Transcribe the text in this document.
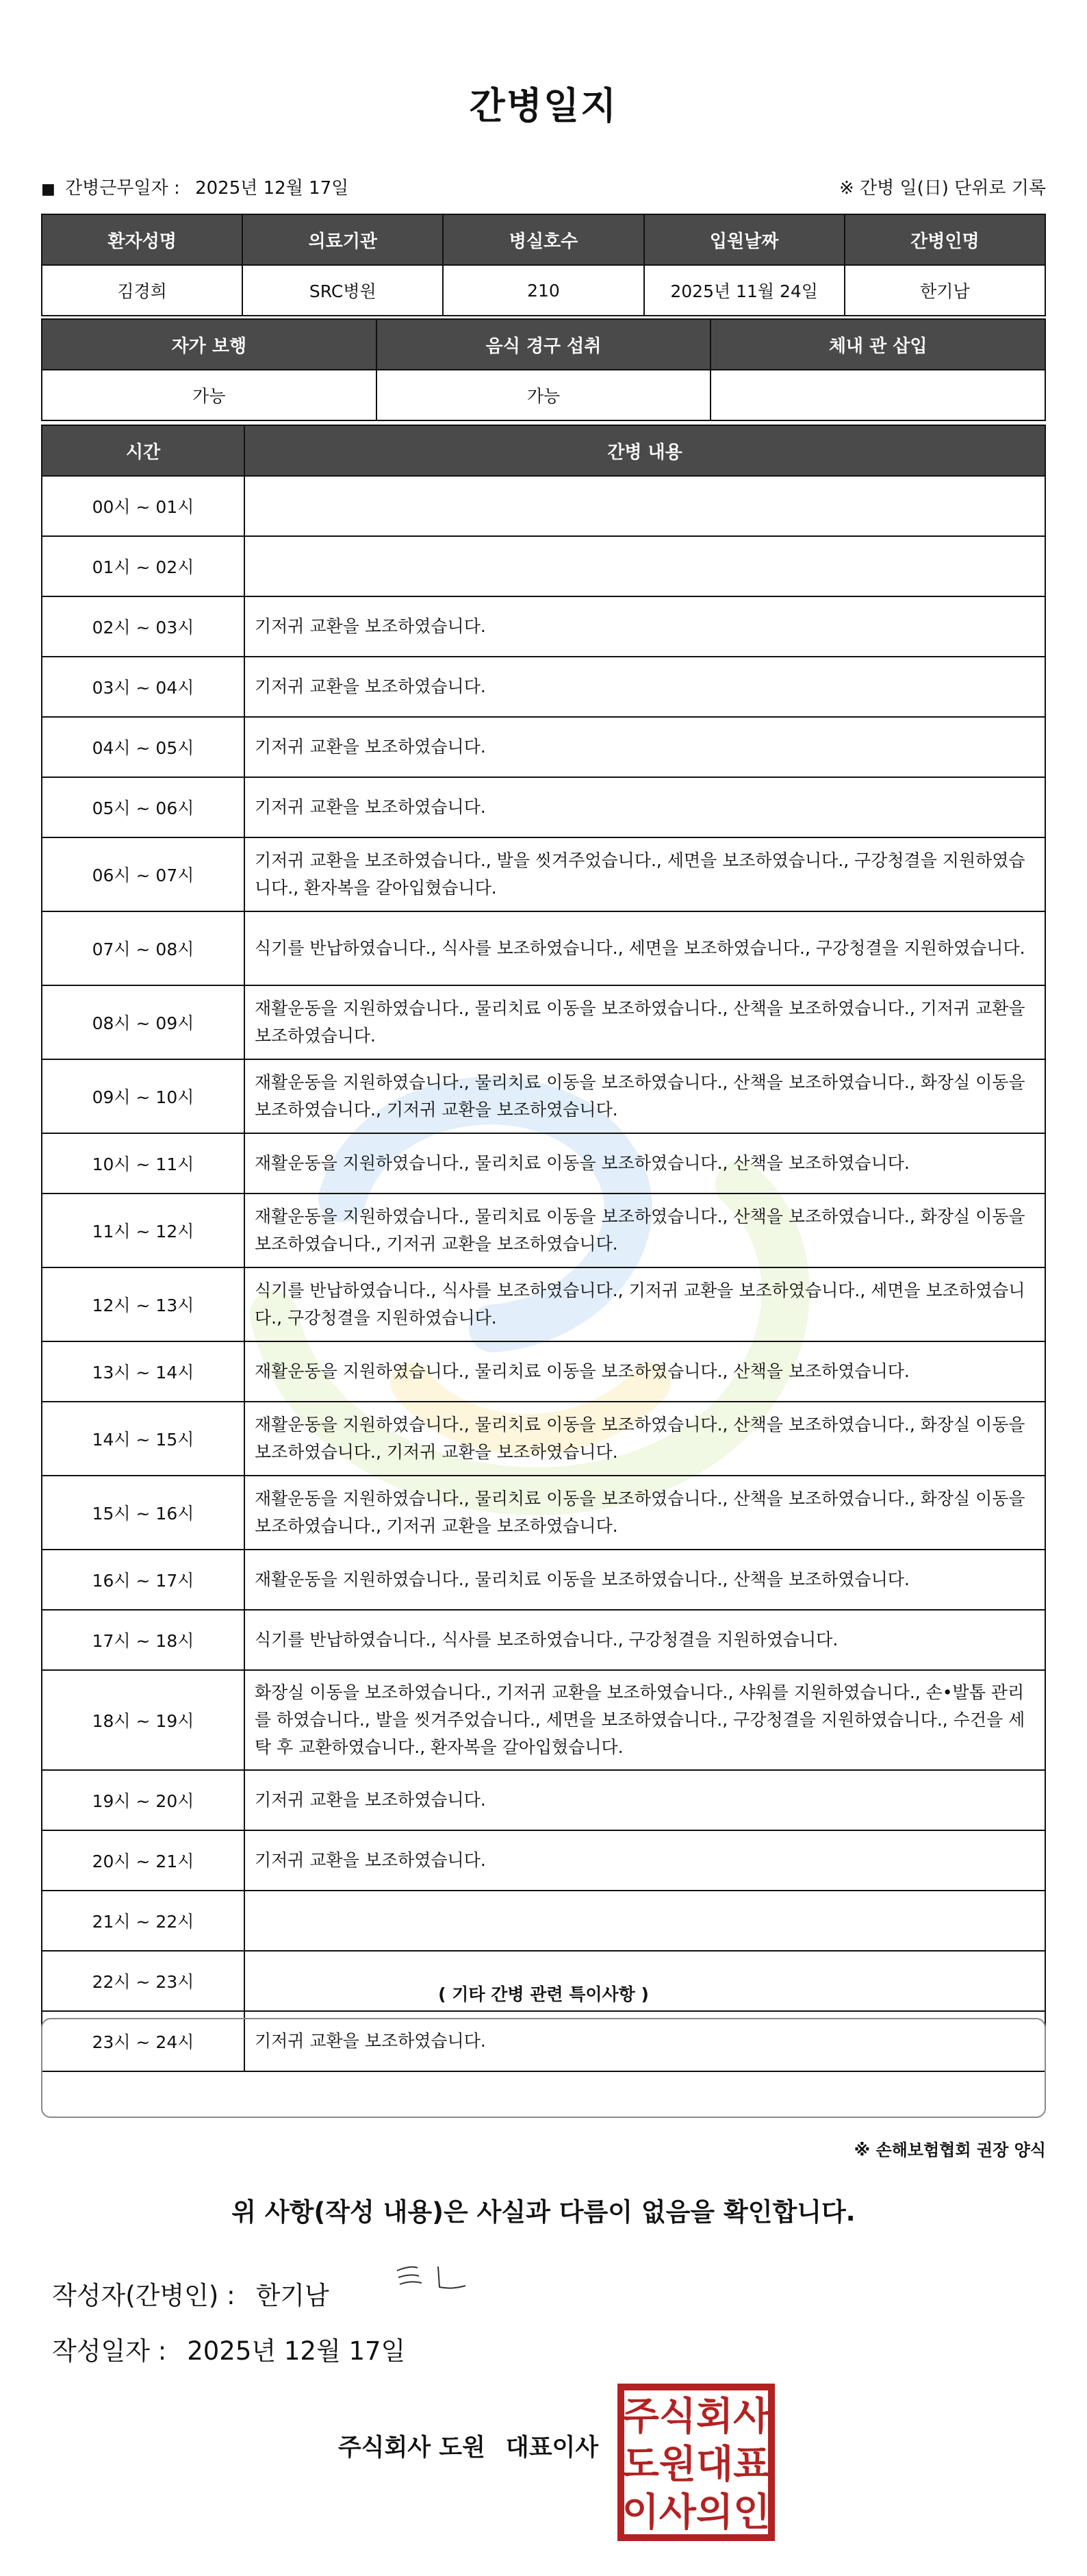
간병일지
■ 간병근무일자 : 2025년 12월 17일	※ 간병 일(日) 단위로 기록
환자성명	의료기관	병실호수	입원날짜	간병인명
김경희	SRC병원	210	2025년 11월 24일	한기남
자가 보행	음식 경구 섭취	체내 관 삽입
가능	가능	
시간	간병 내용
00시 ~ 01시	
01시 ~ 02시	
02시 ~ 03시	기저귀 교환을 보조하였습니다.
03시 ~ 04시	기저귀 교환을 보조하였습니다.
04시 ~ 05시	기저귀 교환을 보조하였습니다.
05시 ~ 06시	기저귀 교환을 보조하였습니다.
06시 ~ 07시	기저귀 교환을 보조하였습니다., 발을 씻겨주었습니다., 세면을 보조하였습니다., 구강청결을 지원하였습니다., 환자복을 갈아입혔습니다.
07시 ~ 08시	식기를 반납하였습니다., 식사를 보조하였습니다., 세면을 보조하였습니다., 구강청결을 지원하였습니다.
08시 ~ 09시	재활운동을 지원하였습니다., 물리치료 이동을 보조하였습니다., 산책을 보조하였습니다., 기저귀 교환을 보조하였습니다.
09시 ~ 10시	재활운동을 지원하였습니다., 물리치료 이동을 보조하였습니다., 산책을 보조하였습니다., 화장실 이동을 보조하였습니다., 기저귀 교환을 보조하였습니다.
10시 ~ 11시	재활운동을 지원하였습니다., 물리치료 이동을 보조하였습니다., 산책을 보조하였습니다.
11시 ~ 12시	재활운동을 지원하였습니다., 물리치료 이동을 보조하였습니다., 산책을 보조하였습니다., 화장실 이동을 보조하였습니다., 기저귀 교환을 보조하였습니다.
12시 ~ 13시	식기를 반납하였습니다., 식사를 보조하였습니다., 기저귀 교환을 보조하였습니다., 세면을 보조하였습니다., 구강청결을 지원하였습니다.
13시 ~ 14시	재활운동을 지원하였습니다., 물리치료 이동을 보조하였습니다., 산책을 보조하였습니다.
14시 ~ 15시	재활운동을 지원하였습니다., 물리치료 이동을 보조하였습니다., 산책을 보조하였습니다., 화장실 이동을 보조하였습니다., 기저귀 교환을 보조하였습니다.
15시 ~ 16시	재활운동을 지원하였습니다., 물리치료 이동을 보조하였습니다., 산책을 보조하였습니다., 화장실 이동을 보조하였습니다., 기저귀 교환을 보조하였습니다.
16시 ~ 17시	재활운동을 지원하였습니다., 물리치료 이동을 보조하였습니다., 산책을 보조하였습니다.
17시 ~ 18시	식기를 반납하였습니다., 식사를 보조하였습니다., 구강청결을 지원하였습니다.
18시 ~ 19시	화장실 이동을 보조하였습니다., 기저귀 교환을 보조하였습니다., 샤워를 지원하였습니다., 손•발톱 관리를 하였습니다., 발을 씻겨주었습니다., 세면을 보조하였습니다., 구강청결을 지원하였습니다., 수건을 세탁 후 교환하였습니다., 환자복을 갈아입혔습니다.
19시 ~ 20시	기저귀 교환을 보조하였습니다.
20시 ~ 21시	기저귀 교환을 보조하였습니다.
21시 ~ 22시	
22시 ~ 23시	
23시 ~ 24시	기저귀 교환을 보조하였습니다.
( 기타 간병 관련 특이사항 )
※ 손해보험협회 권장 양식
위 사항(작성 내용)은 사실과 다름이 없음을 확인합니다.
작성자(간병인) : 한기남
작성일자 : 2025년 12월 17일
주식회사 도원 대표이사
주식회사
도원대표
이사의인
